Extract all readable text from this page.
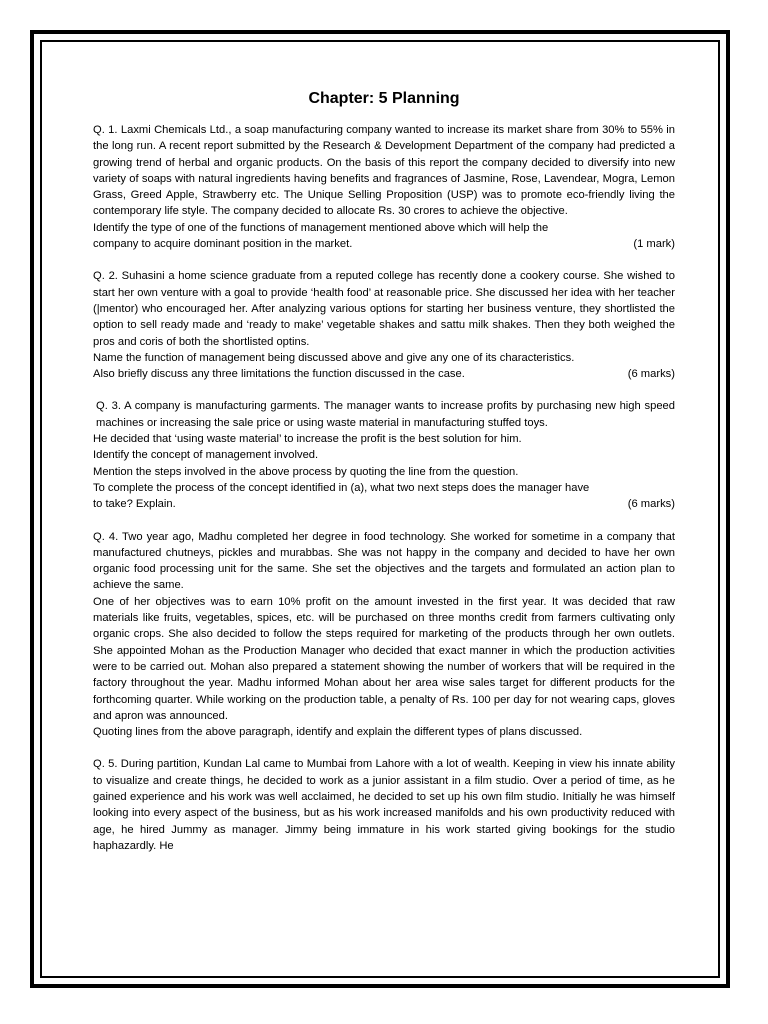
Chapter: 5 Planning

Q. 1. Laxmi Chemicals Ltd., a soap manufacturing company wanted to increase its market share from 30% to 55% in the long run. A recent report submitted by the Research & Development Department of the company had predicted a growing trend of herbal and organic products. On the basis of this report the company decided to diversify into new variety of soaps with natural ingredients having benefits and fragrances of Jasmine, Rose, Lavendear, Mogra, Lemon Grass, Greed Apple, Strawberry etc. The Unique Selling Proposition (USP) was to promote eco-friendly living the contemporary life style. The company decided to allocate Rs. 30 crores to achieve the objective.

Identify the type of one of the functions of management mentioned above which will help the

company to acquire dominant position in the market.	(1 mark)

Q. 2. Suhasini a home science graduate from a reputed college has recently done a cookery course. She wished to start her own venture with a goal to provide ‘health food’ at reasonable price. She discussed her idea with her teacher (|mentor) who encouraged her. After analyzing various options for starting her business venture, they shortlisted the option to sell ready made and ‘ready to make’ vegetable shakes and sattu milk shakes. Then they both weighed the pros and coris of both the shortlisted optins.

Name the function of management being discussed above and give any one of its characteristics.

Also briefly discuss any three limitations the function discussed in the case.	(6 marks)

Q. 3. A company is manufacturing garments. The manager wants to increase profits by purchasing new high speed machines or increasing the sale price or using waste material in manufacturing stuffed toys.

He decided that ‘using waste material’ to increase the profit is the best solution for him.

Identify the concept of management involved.

Mention the steps involved in the above process by quoting the line from the question.

To complete the process of the concept identified in (a), what two next steps does the manager have

to take? Explain.	(6 marks)

Q. 4. Two year ago, Madhu completed her degree in food technology. She worked for sometime in a company that manufactured chutneys, pickles and murabbas. She was not happy in the company and decided to have her own organic food processing unit for the same. She set the objectives and the targets and formulated an action plan to achieve the same.

One of her objectives was to earn 10% profit on the amount invested in the first year. It was decided that raw materials like fruits, vegetables, spices, etc. will be purchased on three months credit from farmers cultivating only organic crops. She also decided to follow the steps required for marketing of the products through her own outlets. She appointed Mohan as the Production Manager who decided that exact manner in which the production activities were to be carried out. Mohan also prepared a statement showing the number of workers that will be required in the factory throughout the year. Madhu informed Mohan about her area wise sales target for different products for the forthcoming quarter. While working on the production table, a penalty of Rs. 100 per day for not wearing caps, gloves and apron was announced.

Quoting lines from the above paragraph, identify and explain the different types of plans discussed.

Q. 5. During partition, Kundan Lal came to Mumbai from Lahore with a lot of wealth. Keeping in view his innate ability to visualize and create things, he decided to work as a junior assistant in a film studio. Over a period of time, as he gained experience and his work was well acclaimed, he decided to set up his own film studio. Initially he was himself looking into every aspect of the business, but as his work increased manifolds and his own productivity reduced with age, he hired Jummy as manager. Jimmy being immature in his work started giving bookings for the studio haphazardly. He
